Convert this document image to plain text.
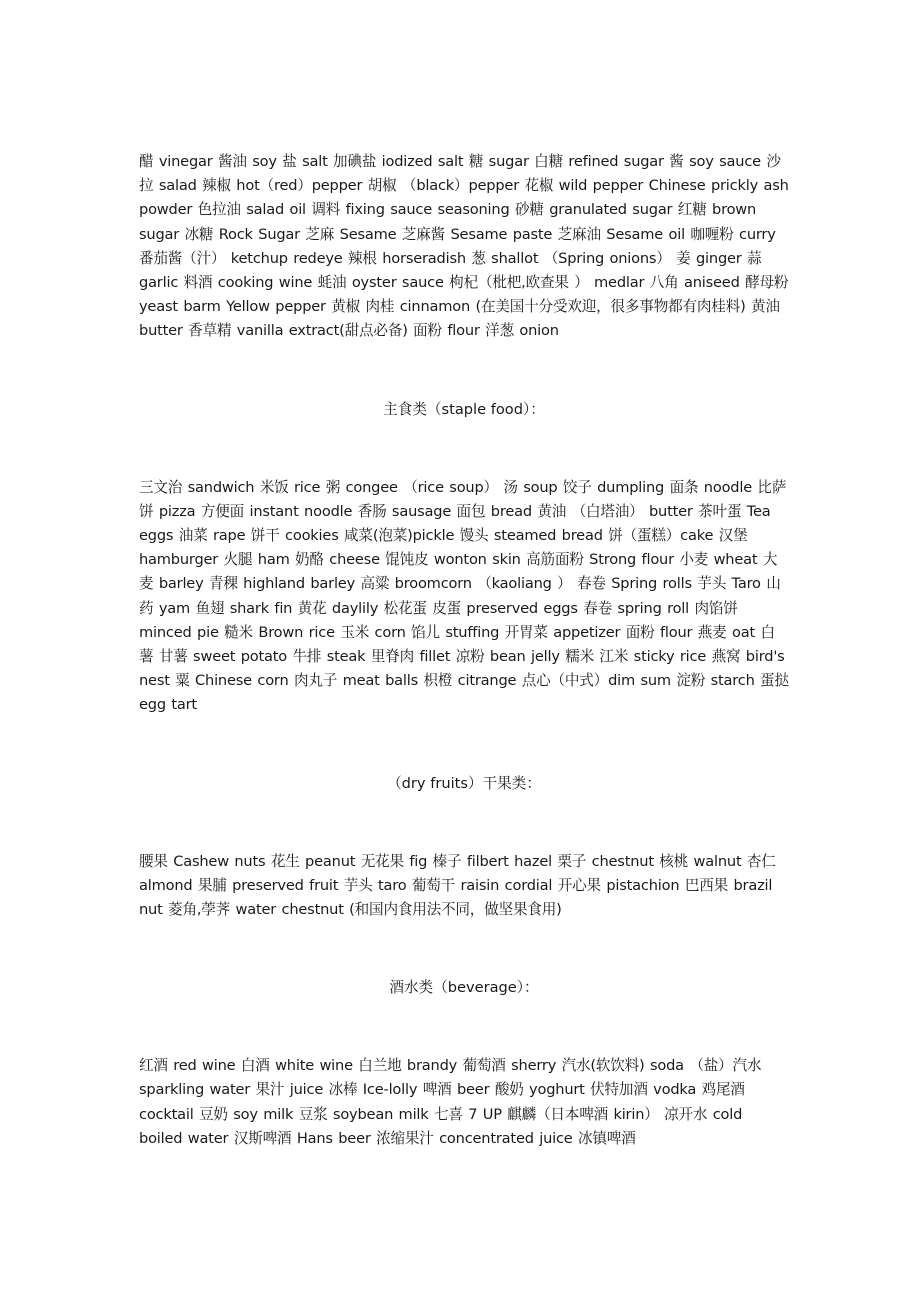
醋 vinegar 酱油 soy 盐 salt 加碘盐 iodized salt 糖 sugar 白糖 refined sugar 酱 soy sauce 沙拉 salad 辣椒 hot（red）pepper 胡椒 （black）pepper 花椒 wild pepper Chinese prickly ash powder 色拉油 salad oil 调料 fixing sauce seasoning 砂糖 granulated sugar 红糖 brown sugar 冰糖 Rock Sugar 芝麻 Sesame 芝麻酱 Sesame paste 芝麻油 Sesame oil 咖喱粉 curry 番茄酱（汁） ketchup redeye 辣根 horseradish 葱 shallot （Spring onions） 姜 ginger 蒜 garlic 料酒 cooking wine 蚝油 oyster sauce 枸杞（枇杷,欧查果 ） medlar 八角 aniseed 酵母粉 yeast barm Yellow pepper 黄椒 肉桂 cinnamon (在美国十分受欢迎，很多事物都有肉桂料) 黄油 butter 香草精 vanilla extract(甜点必备) 面粉 flour 洋葱 onion

主食类（staple food）：

三文治 sandwich 米饭 rice 粥 congee （rice soup） 汤 soup 饺子 dumpling 面条 noodle 比萨饼 pizza 方便面 instant noodle 香肠 sausage 面包 bread 黄油 （白塔油） butter 茶叶蛋 Tea eggs 油菜 rape 饼干 cookies 咸菜(泡菜)pickle 馒头 steamed bread 饼（蛋糕）cake 汉堡 hamburger 火腿 ham 奶酪 cheese 馄饨皮 wonton skin 高筋面粉 Strong flour 小麦 wheat 大麦 barley 青稞 highland barley 高粱 broomcorn （kaoliang ） 春卷 Spring rolls 芋头 Taro 山药 yam 鱼翅 shark fin 黄花 daylily 松花蛋 皮蛋 preserved eggs 春卷 spring roll 肉馅饼 minced pie 糙米 Brown rice 玉米 corn 馅儿 stuffing 开胃菜 appetizer 面粉 flour 燕麦 oat 白薯 甘薯 sweet potato 牛排 steak 里脊肉 fillet 凉粉 bean jelly 糯米 江米 sticky rice 燕窝 bird's nest 粟 Chinese corn 肉丸子 meat balls 枳橙 citrange 点心（中式）dim sum 淀粉 starch 蛋挞 egg tart

（dry fruits）干果类：

腰果 Cashew nuts 花生 peanut 无花果 fig 榛子 filbert hazel 栗子 chestnut 核桃 walnut 杏仁 almond 果脯 preserved fruit 芋头 taro 葡萄干 raisin cordial 开心果 pistachion 巴西果 brazil nut 菱角,荸荠 water chestnut (和国内食用法不同，做坚果食用)

酒水类（beverage）：

红酒 red wine 白酒 white wine 白兰地 brandy 葡萄酒 sherry 汽水(软饮料) soda （盐）汽水 sparkling water 果汁 juice 冰棒 Ice-lolly 啤酒 beer 酸奶 yoghurt 伏特加酒 vodka 鸡尾酒 cocktail 豆奶 soy milk 豆浆 soybean milk 七喜 7 UP 麒麟（日本啤酒 kirin） 凉开水 cold boiled water 汉斯啤酒 Hans beer 浓缩果汁 concentrated juice 冰镇啤酒
